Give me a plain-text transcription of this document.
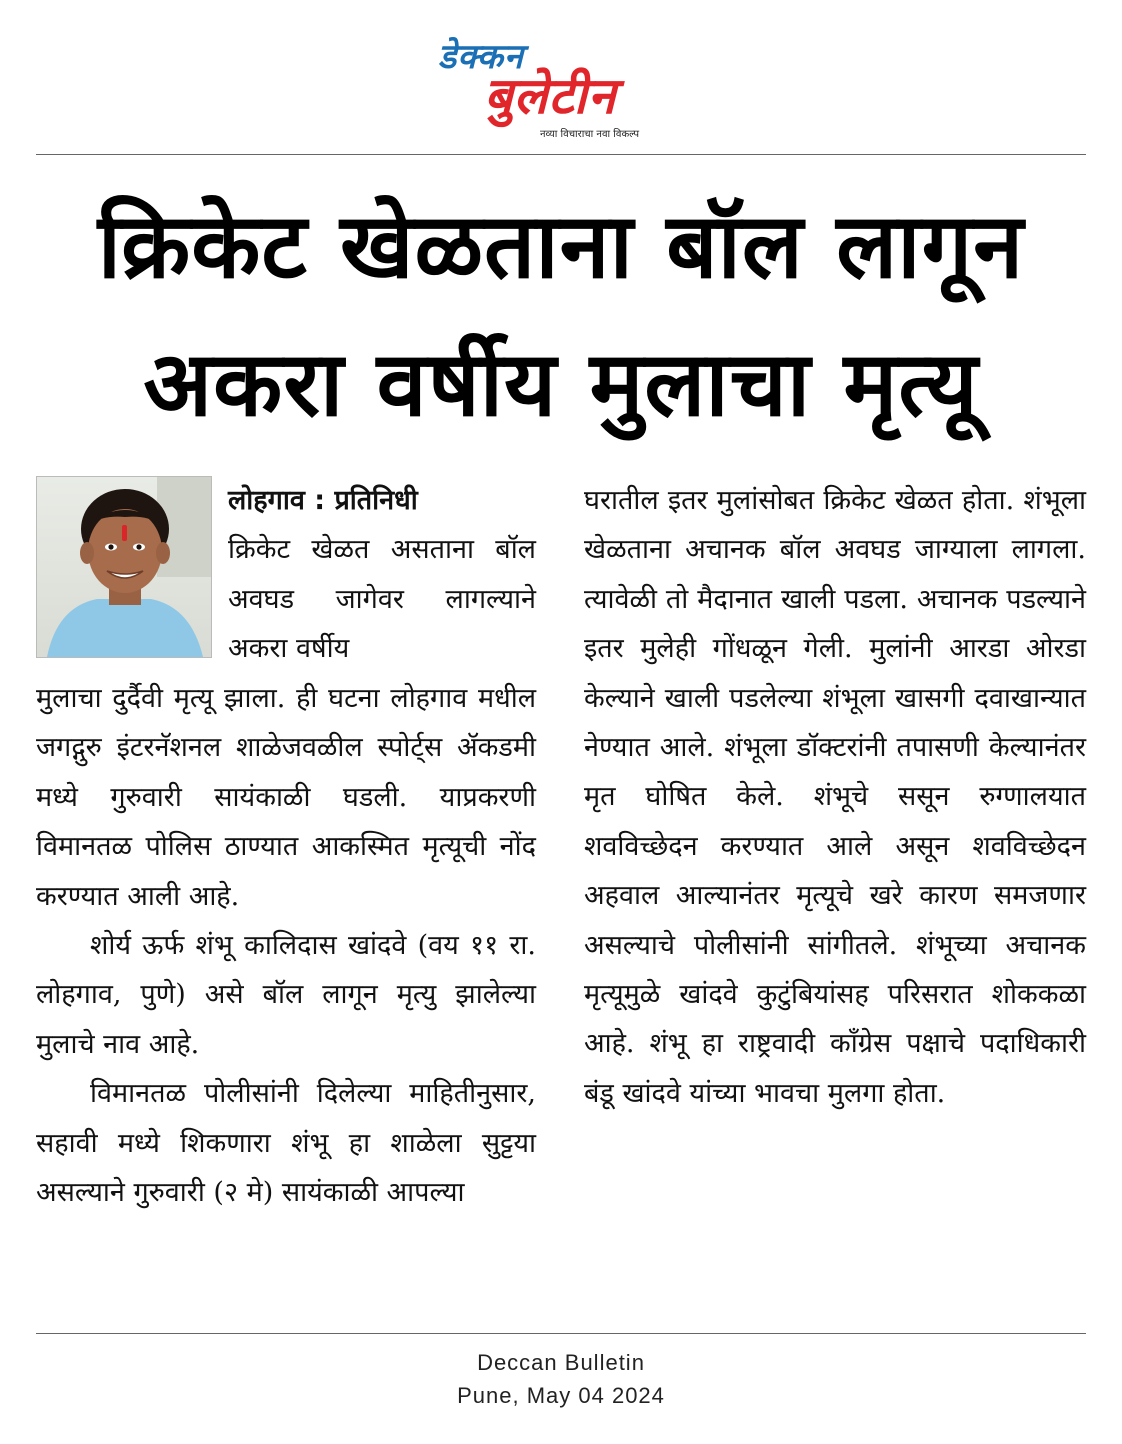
डेक्कन
बुलेटीन
नव्या विचाराचा नवा विकल्प
क्रिकेट खेळताना बॉल लागून
अकरा वर्षीय मुलाचा मृत्यू

लोहगाव : प्रतिनिधी

क्रिकेट खेळत असताना बॉल अवघड जागेवर लागल्याने अकरा वर्षीय

मुलाचा दुर्दैवी मृत्यू झाला. ही घटना लोहगाव मधील जगद्गुरु इंटरनॅशनल शाळेजवळील स्पोर्ट्स ॲकडमी मध्ये गुरुवारी सायंकाळी घडली. याप्रकरणी विमानतळ पोलिस ठाण्यात आकस्मित मृत्यूची नोंद करण्यात आली आहे.

शोर्य ऊर्फ शंभू कालिदास खांदवे (वय ११ रा. लोहगाव, पुणे) असे बॉल लागून मृत्यु झालेल्या मुलाचे नाव आहे.

विमानतळ पोलीसांनी दिलेल्या माहितीनुसार, सहावी मध्ये शिकणारा शंभू हा शाळेला सुट्टया असल्याने गुरुवारी (२ मे) सायंकाळी आपल्या

घरातील इतर मुलांसोबत क्रिकेट खेळत होता. शंभूला खेळताना अचानक बॉल अवघड जाग्याला लागला. त्यावेळी तो मैदानात खाली पडला. अचानक पडल्याने इतर मुलेही गोंधळून गेली. मुलांनी आरडा ओरडा केल्याने खाली पडलेल्या शंभूला खासगी दवाखान्यात नेण्यात आले. शंभूला डॉक्टरांनी तपासणी केल्यानंतर मृत घोषित केले. शंभूचे ससून रुग्णालयात शवविच्छेदन करण्यात आले असून शवविच्छेदन अहवाल आल्यानंतर मृत्यूचे खरे कारण समजणार असल्याचे पोलीसांनी सांगीतले. शंभूच्या अचानक मृत्यूमुळे खांदवे कुटुंबियांसह परिसरात शोककळा आहे. शंभू हा राष्ट्रवादी काँग्रेस पक्षाचे पदाधिकारी बंडू खांदवे यांच्या भावचा मुलगा होता.

Deccan Bulletin
Pune, May 04 2024
